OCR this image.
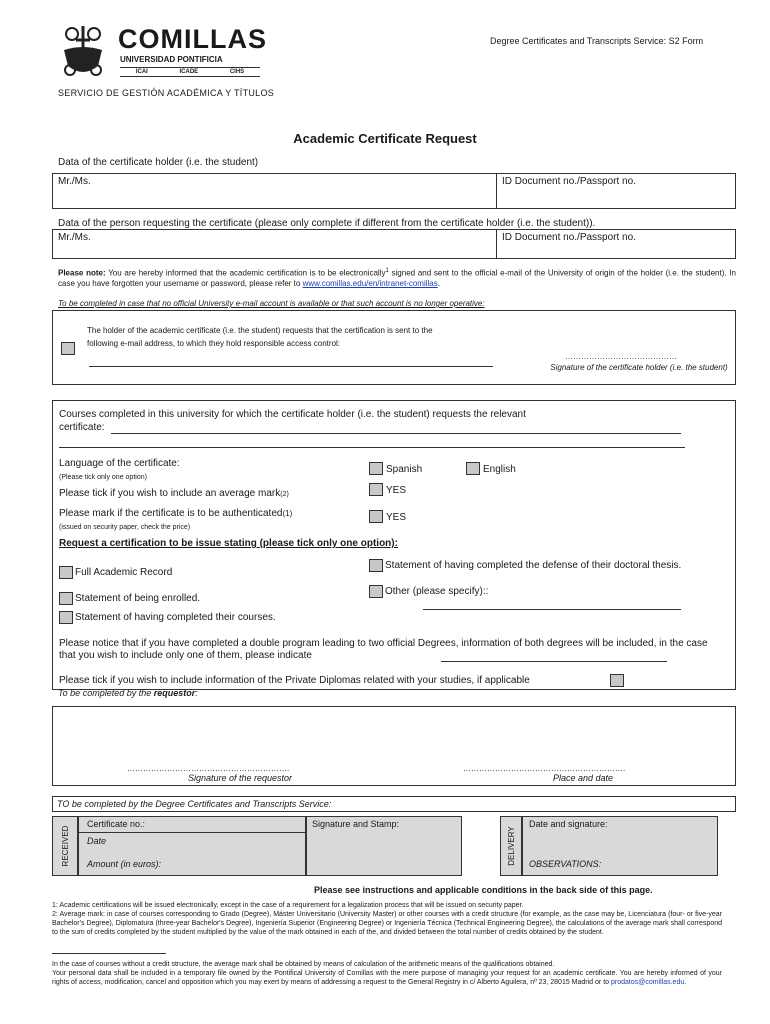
COMILLAS
UNIVERSIDAD PONTIFICIA
ICAI	ICADE	CIHS
SERVICIO DE GESTIÓN ACADÉMICA Y TÍTULOS
Degree Certificates and Transcripts Service: S2 Form
Academic Certificate Request
Data of the certificate holder (i.e. the student)
Mr./Ms.	ID Document no./Passport no.
Data of the person requesting the certificate (please only complete if different from the certificate holder (i.e. the student)).
Mr./Ms.	ID Document no./Passport no.
Please note: You are hereby informed that the academic certification is to be electronically$^1$ signed and sent to the official e-mail of the University of origin of the holder (i.e. the student). In case you have forgotten your username or password, please refer to www.comillas.edu/en/intranet-comillas.
To be completed in case that no official University e-mail account is available or that such account is no longer operative:
The holder of the academic certificate (i.e. the student) requests that the certification is sent to the
following e-mail address, to which they hold responsible access control:
……………………………………
Signature of the certificate holder (i.e. the student)
Courses completed in this university for which the certificate holder (i.e. the student) requests the relevant
certificate:
Language of the certificate:
(Please tick only one option)
Spanish	English
Please tick if you wish to include an average mark(2)	YES
Please mark if the certificate is to be authenticated(1)
(issued on security paper, check the price)
YES
Request a certification to be issue stating (please tick only one option):
Full Academic Record
Statement of being enrolled.
Statement of having completed their courses.
Statement of having completed the defense of their doctoral thesis.
Other (please specify)::
Please notice that if you have completed a double program leading to two official Degrees, information of both degrees will be included, in the case that you wish to include only one of them, please indicate
Please tick if you wish to include information of the Private Diplomas related with your studies, if applicable
To be completed by the requestor:
…………………………………………………….
Signature of the requestor
…………………………………………………….
Place and date
TO be completed by the Degree Certificates and Transcripts Service:
RECEIVED
Certificate no.:
Date
Amount (in euros):
Signature and Stamp:
DELIVERY
Date and signature:
OBSERVATIONS:
Please see instructions and applicable conditions in the back side of this page.
1: Academic certifications will be issued electronically, except in the case of a requirement for a legalization process that will be issued on security paper.
2: Average mark: in case of courses corresponding to Grado (Degree), Máster Universitario (University Master) or other courses with a credit structure (for example, as the case may be, Licenciatura (four- or five-year Bachelor's Degree), Diplomatura (three-year Bachelor's Degree), Ingeniería Superior (Engineering Degree) or Ingeniería Técnica (Technical Engineering Degree), the calculations of the average mark shall correspond to the sum of credits completed by the student multiplied by the value of the mark obtained in each of the, and divided between the total number of credits obtained by the student.
In the case of courses without a credit structure, the average mark shall be obtained by means of calculation of the arithmetic means of the qualifications obtained.
Your personal data shall be included in a temporary file owned by the Pontifical University of Comillas with the mere purpose of managing your request for an academic certificate. You are hereby informed of your rights of access, modification, cancel and opposition which you may exert by means of addressing a request to the General Registry in c/ Alberto Aguilera, nº 23, 28015 Madrid or to prodatos@comillas.edu.
